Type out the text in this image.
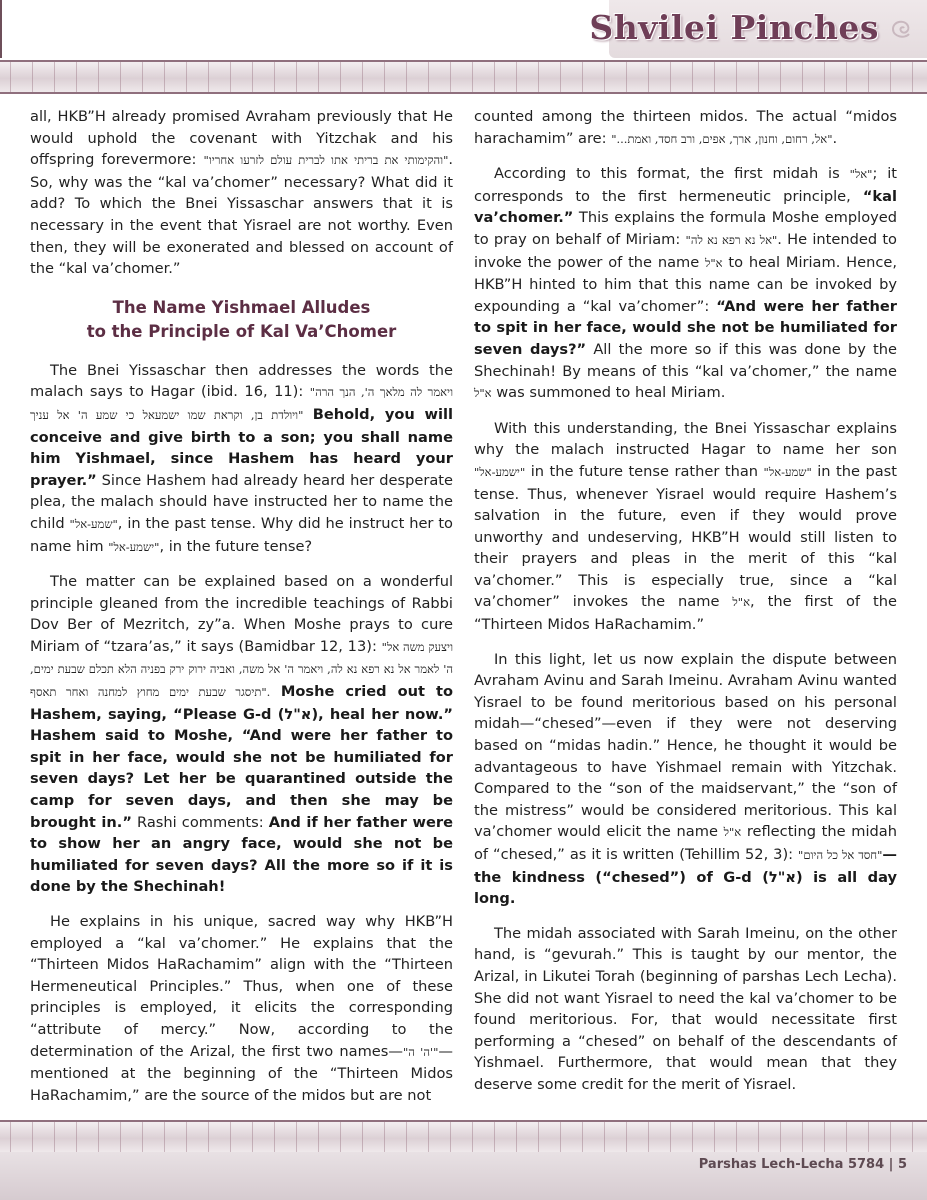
Shvilei Pinches

all, HKB”H already promised Avraham previously that He would uphold the covenant with Yitzchak and his offspring forevermore: "והקימותי את בריתי אתו לברית עולם לזרעו אחריו". So, why was the “kal va’chomer” necessary? What did it add? To which the Bnei Yissaschar answers that it is necessary in the event that Yisrael are not worthy. Even then, they will be exonerated and blessed on account of the “kal va’chomer.”

The Name Yishmael Alludes
to the Principle of Kal Va’Chomer

The Bnei Yissaschar then addresses the words the malach says to Hagar (ibid. 16, 11): "ויאמר לה מלאך ה', הנך הרה ויולדת בן, וקראת שמו ישמעאל כי שמע ה' אל עניך" Behold, you will conceive and give birth to a son; you shall name him Yishmael, since Hashem has heard your prayer.” Since Hashem had already heard her desperate plea, the malach should have instructed her to name the child "שמע-אל", in the past tense. Why did he instruct her to name him "ישמע-אל", in the future tense?

The matter can be explained based on a wonderful principle gleaned from the incredible teachings of Rabbi Dov Ber of Mezritch, zy”a. When Moshe prays to cure Miriam of “tzara’as,” it says (Bamidbar 12, 13): "ויצעק משה אל ה' לאמר אל נא רפא נא לה, ויאמר ה' אל משה, ואביה ירוק ירק בפניה הלא תכלם שבעת ימים, תיסגר שבעת ימים מחוץ למחנה ואחר תאסף". Moshe cried out to Hashem, saying, “Please G-d (א"ל), heal her now.” Hashem said to Moshe, “And were her father to spit in her face, would she not be humiliated for seven days? Let her be quarantined outside the camp for seven days, and then she may be brought in.” Rashi comments: And if her father were to show her an angry face, would she not be humiliated for seven days? All the more so if it is done by the Shechinah!

He explains in his unique, sacred way why HKB”H employed a “kal va’chomer.” He explains that the “Thirteen Midos HaRachamim” align with the “Thirteen Hermeneutical Principles.” Thus, when one of these principles is employed, it elicits the corresponding “attribute of mercy.” Now, according to the determination of the Arizal, the first two names—"ה' ה'"—mentioned at the beginning of the “Thirteen Midos HaRachamim,” are the source of the midos but are not

counted among the thirteen midos. The actual “midos harachamim” are: "...אל, רחום, וחנון, ארך, אפים, ורב חסד, ואמת".

According to this format, the first midah is "אל"; it corresponds to the first hermeneutic principle, “kal va’chomer.” This explains the formula Moshe employed to pray on behalf of Miriam: "אל נא רפא נא לה". He intended to invoke the power of the name א"ל to heal Miriam. Hence, HKB”H hinted to him that this name can be invoked by expounding a “kal va’chomer”: “And were her father to spit in her face, would she not be humiliated for seven days?” All the more so if this was done by the Shechinah! By means of this “kal va’chomer,” the name א"ל was summoned to heal Miriam.

With this understanding, the Bnei Yissaschar explains why the malach instructed Hagar to name her son "ישמע-אל" in the future tense rather than "שמע-אל" in the past tense. Thus, whenever Yisrael would require Hashem’s salvation in the future, even if they would prove unworthy and undeserving, HKB”H would still listen to their prayers and pleas in the merit of this “kal va’chomer.” This is especially true, since a “kal va’chomer” invokes the name א"ל, the first of the “Thirteen Midos HaRachamim.”

In this light, let us now explain the dispute between Avraham Avinu and Sarah Imeinu. Avraham Avinu wanted Yisrael to be found meritorious based on his personal midah—“chesed”—even if they were not deserving based on “midas hadin.” Hence, he thought it would be advantageous to have Yishmael remain with Yitzchak. Compared to the “son of the maidservant,” the “son of the mistress” would be considered meritorious. This kal va’chomer would elicit the name א"ל reflecting the midah of “chesed,” as it is written (Tehillim 52, 3): "חסד אל כל היום"—the kindness (“chesed”) of G-d (א"ל) is all day long.

The midah associated with Sarah Imeinu, on the other hand, is “gevurah.” This is taught by our mentor, the Arizal, in Likutei Torah (beginning of parshas Lech Lecha). She did not want Yisrael to need the kal va’chomer to be found meritorious. For, that would necessitate first performing a “chesed” on behalf of the descendants of Yishmael. Furthermore, that would mean that they deserve some credit for the merit of Yisrael.

Parshas Lech-Lecha 5784 | 5
